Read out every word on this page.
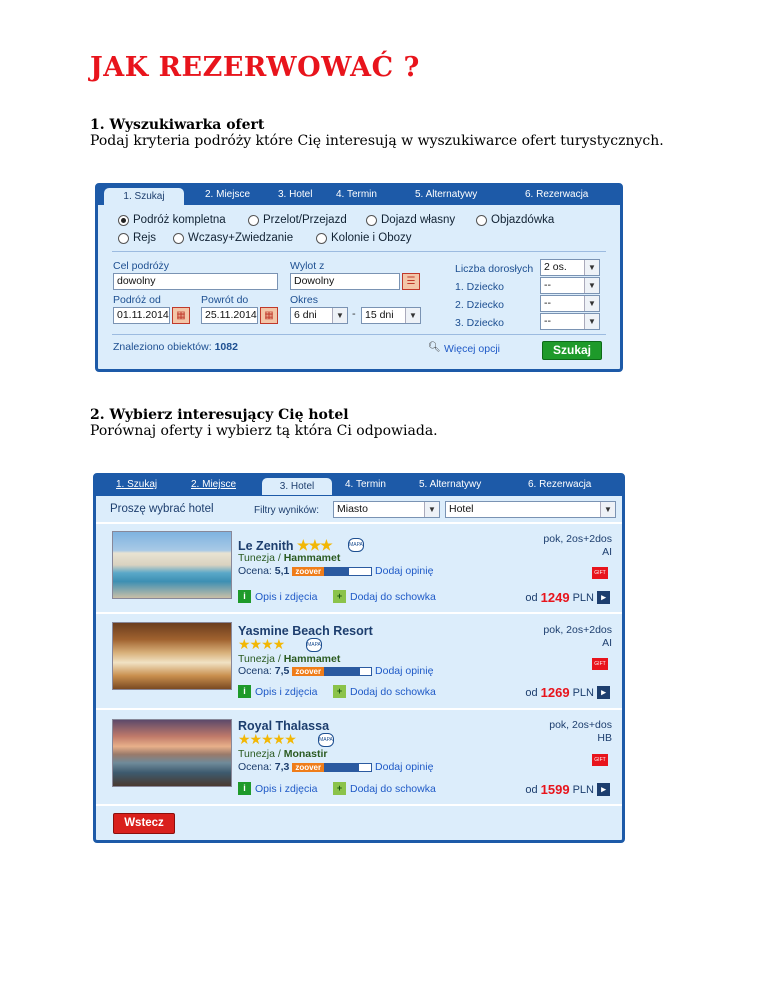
JAK REZERWOWAĆ ?
1. Wyszukiwarka ofert
Podaj kryteria podróży które Cię interesują w wyszukiwarce ofert turystycznych.
1. Szukaj	2. Miejsce	3. Hotel 4. Termin	5. Alternatywy	6. Rezerwacja
Podróż kompletna	Przelot/Przejazd	Dojazd własny	Objazdówka
Rejs	Wczasy+Zwiedzanie	Kolonie i Obozy
Cel podróży
dowolny
Wylot z
Dowolny	☰
Podróż od
01.11.2014 ▦
Powrót do
25.11.2014 ▦
Okres
6 dni	▼ - 15 dni	▼
Liczba dorosłych	2 os.	▼
1. Dziecko	--	▼
2. Dziecko	--	▼
3. Dziecko	--	▼
Znaleziono obiektów: 1082	🔍︎ Więcej opcji	Szukaj
2. Wybierz interesujący Cię hotel
Porównaj oferty i wybierz tą która Ci odpowiada.
1. Szukaj	2. Miejsce	3. Hotel	4. Termin	5. Alternatywy	6. Rezerwacja
Proszę wybrać hotel	Filtry wyników:	Miasto	▼	Hotel	▼
Le Zenith ★★★	MAPA
Tunezja / Hammamet
Ocena: 5,1 zoover	Dodaj opinię
pok, 2os+2dos
AI
GIFT
i Opis i zdjęcia	+ Dodaj do schowka	od 1249 PLN ▸
Yasmine Beach Resort
★★★★	MAPA
Tunezja / Hammamet
Ocena: 7,5 zoover	Dodaj opinię
pok, 2os+2dos
AI
GIFT
i Opis i zdjęcia	+ Dodaj do schowka	od 1269 PLN ▸
Royal Thalassa
★★★★★	MAPA
Tunezja / Monastir
Ocena: 7,3 zoover	Dodaj opinię
pok, 2os+dos
HB
GIFT
i Opis i zdjęcia	+ Dodaj do schowka	od 1599 PLN ▸
Wstecz
